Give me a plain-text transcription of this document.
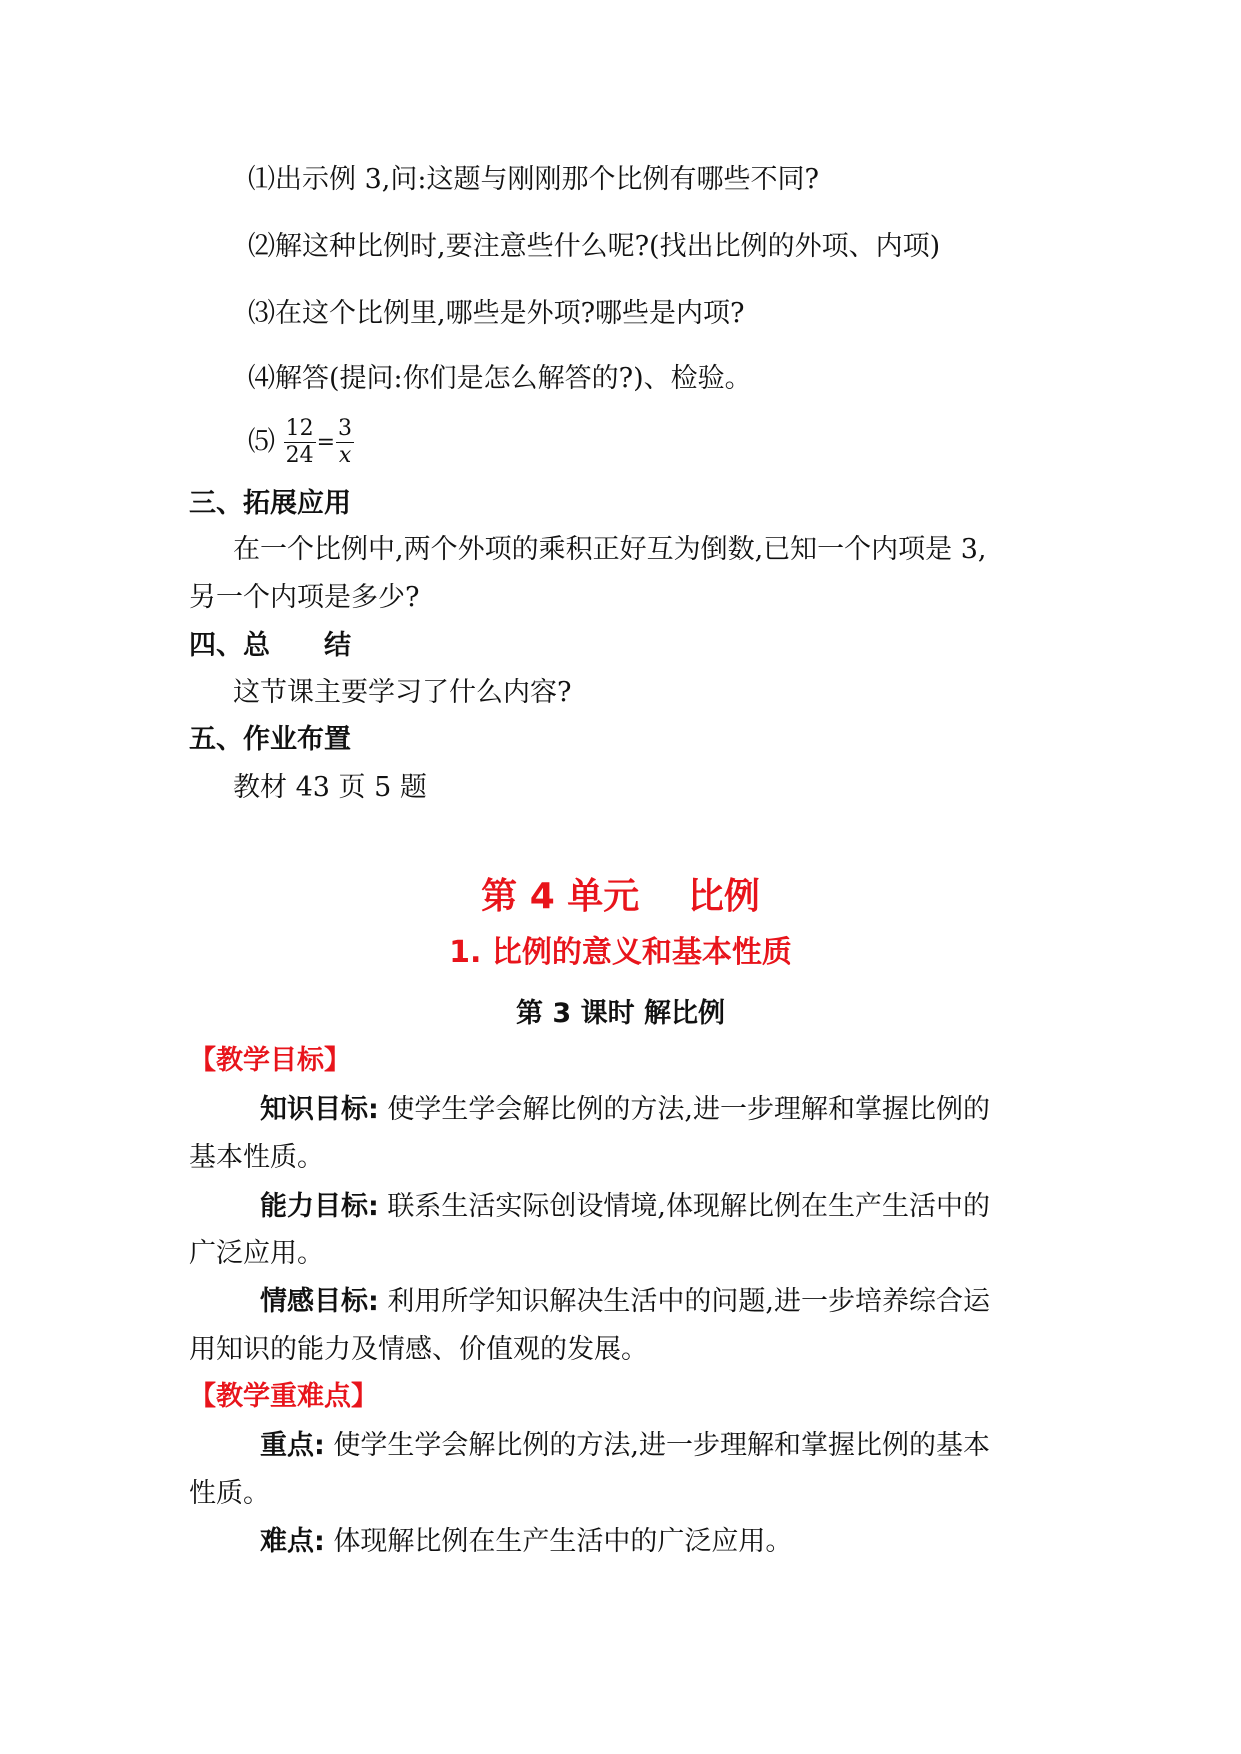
⑴出示例 3,问:这题与刚刚那个比例有哪些不同?
⑵解这种比例时,要注意些什么呢?(找出比例的外项、内项)
⑶在这个比例里,哪些是外项?哪些是内项?
⑷解答(提问:你们是怎么解答的?)、检验。
⑸ $\frac{12}{24} = \frac{3}{x}$
三、拓展应用
在一个比例中,两个外项的乘积正好互为倒数,已知一个内项是 3,
另一个内项是多少?
四、总　　结
这节课主要学习了什么内容?
五、作业布置
教材 43 页 5 题
第 4 单元　 比例
1. 比例的意义和基本性质
第 3 课时 解比例
【教学目标】
知识目标: 使学生学会解比例的方法,进一步理解和掌握比例的
基本性质。
能力目标: 联系生活实际创设情境,体现解比例在生产生活中的
广泛应用。
情感目标: 利用所学知识解决生活中的问题,进一步培养综合运
用知识的能力及情感、价值观的发展。
【教学重难点】
重点: 使学生学会解比例的方法,进一步理解和掌握比例的基本
性质。
难点: 体现解比例在生产生活中的广泛应用。
